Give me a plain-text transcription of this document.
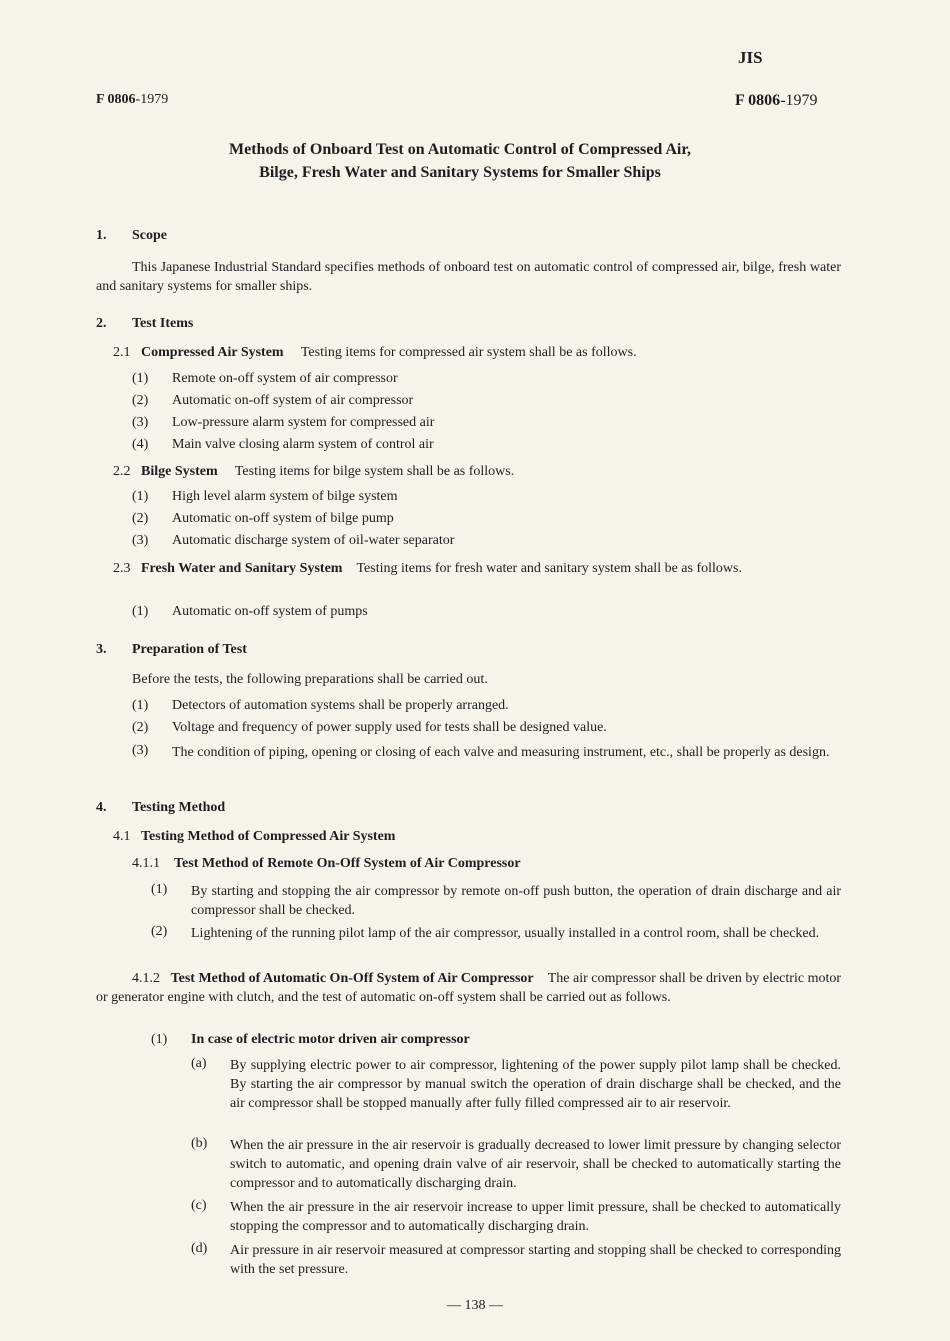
JIS
F 0806-1979	F 0806-1979
Methods of Onboard Test on Automatic Control of Compressed Air,
Bilge, Fresh Water and Sanitary Systems for Smaller Ships
1. Scope
This Japanese Industrial Standard specifies methods of onboard test on automatic control of compressed air, bilge, fresh water and sanitary systems for smaller ships.
2. Test Items
2.1 Compressed Air System Testing items for compressed air system shall be as follows.
(1) Remote on-off system of air compressor
(2) Automatic on-off system of air compressor
(3) Low-pressure alarm system for compressed air
(4) Main valve closing alarm system of control air
2.2 Bilge System Testing items for bilge system shall be as follows.
(1) High level alarm system of bilge system
(2) Automatic on-off system of bilge pump
(3) Automatic discharge system of oil-water separator
2.3 Fresh Water and Sanitary System Testing items for fresh water and sanitary system shall be as follows.
(1) Automatic on-off system of pumps
3. Preparation of Test
Before the tests, the following preparations shall be carried out.
(1) Detectors of automation systems shall be properly arranged.
(2) Voltage and frequency of power supply used for tests shall be designed value.
(3) The condition of piping, opening or closing of each valve and measuring instrument, etc., shall be properly as design.
4. Testing Method
4.1 Testing Method of Compressed Air System
4.1.1 Test Method of Remote On-Off System of Air Compressor
(1) By starting and stopping the air compressor by remote on-off push button, the operation of drain discharge and air compressor shall be checked.
(2) Lightening of the running pilot lamp of the air compressor, usually installed in a control room, shall be checked.
4.1.2 Test Method of Automatic On-Off System of Air Compressor The air compressor shall be driven by electric motor or generator engine with clutch, and the test of automatic on-off system shall be carried out as follows.
(1) In case of electric motor driven air compressor
(a) By supplying electric power to air compressor, lightening of the power supply pilot lamp shall be checked. By starting the air compressor by manual switch the operation of drain discharge shall be checked, and the air compressor shall be stopped manually after fully filled compressed air to air reservoir.
(b) When the air pressure in the air reservoir is gradually decreased to lower limit pressure by changing selector switch to automatic, and opening drain valve of air reservoir, shall be checked to automatically starting the compressor and to automatically discharging drain.
(c) When the air pressure in the air reservoir increase to upper limit pressure, shall be checked to automatically stopping the compressor and to automatically discharging drain.
(d) Air pressure in air reservoir measured at compressor starting and stopping shall be checked to corresponding with the set pressure.
— 138 —
